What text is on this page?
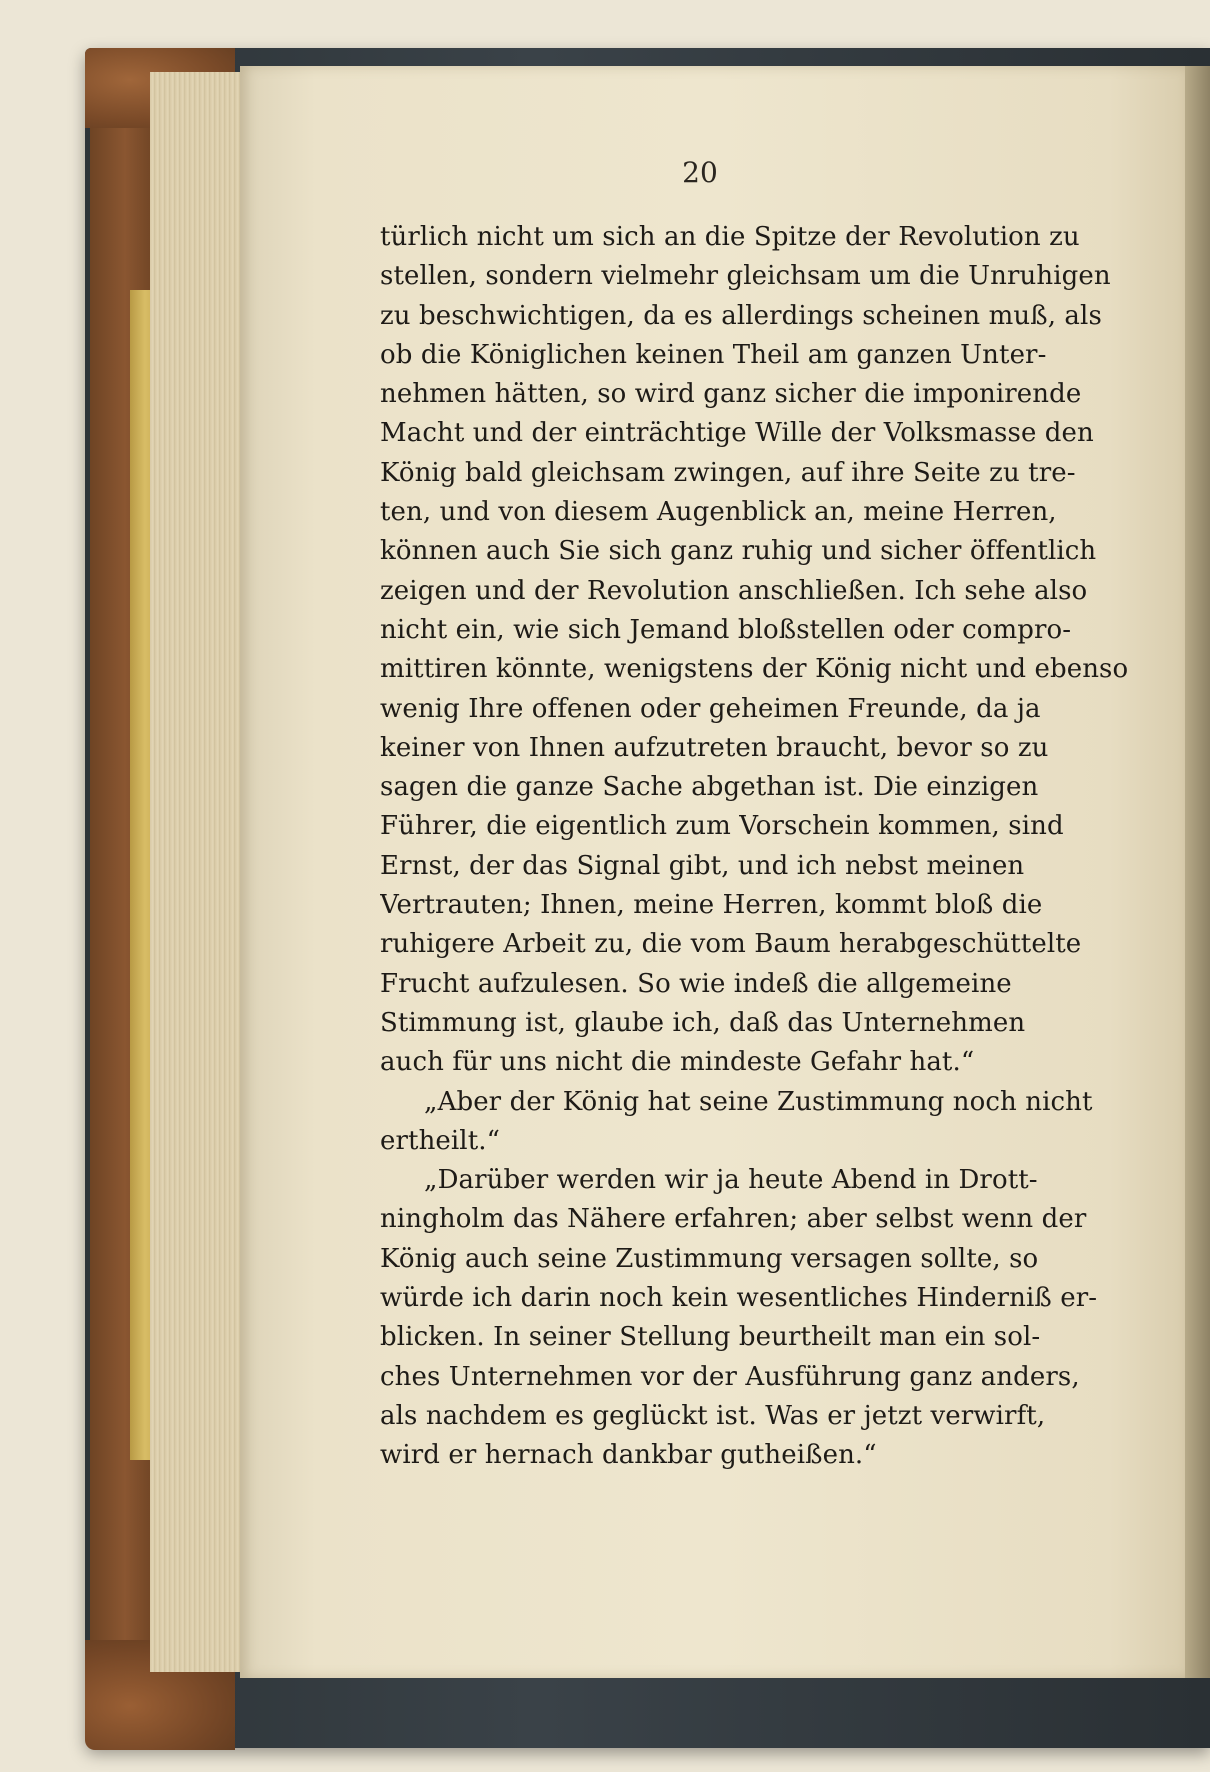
20

türlich nicht um sich an die Spitze der Revolution zu
stellen, sondern vielmehr gleichsam um die Unruhigen
zu beschwichtigen, da es allerdings scheinen muß, als
ob die Königlichen keinen Theil am ganzen Unter-
nehmen hätten, so wird ganz sicher die imponirende
Macht und der einträchtige Wille der Volksmasse den
König bald gleichsam zwingen, auf ihre Seite zu tre-
ten, und von diesem Augenblick an, meine Herren,
können auch Sie sich ganz ruhig und sicher öffentlich
zeigen und der Revolution anschließen. Ich sehe also
nicht ein, wie sich Jemand bloßstellen oder compro-
mittiren könnte, wenigstens der König nicht und ebenso
wenig Ihre offenen oder geheimen Freunde, da ja
keiner von Ihnen aufzutreten braucht, bevor so zu
sagen die ganze Sache abgethan ist. Die einzigen
Führer, die eigentlich zum Vorschein kommen, sind
Ernst, der das Signal gibt, und ich nebst meinen
Vertrauten; Ihnen, meine Herren, kommt bloß die
ruhigere Arbeit zu, die vom Baum herabgeschüttelte
Frucht aufzulesen. So wie indeß die allgemeine
Stimmung ist, glaube ich, daß das Unternehmen
auch für uns nicht die mindeste Gefahr hat.“
„Aber der König hat seine Zustimmung noch nicht
ertheilt.“
„Darüber werden wir ja heute Abend in Drott-
ningholm das Nähere erfahren; aber selbst wenn der
König auch seine Zustimmung versagen sollte, so
würde ich darin noch kein wesentliches Hinderniß er-
blicken. In seiner Stellung beurtheilt man ein sol-
ches Unternehmen vor der Ausführung ganz anders,
als nachdem es geglückt ist. Was er jetzt verwirft,
wird er hernach dankbar gutheißen.“
